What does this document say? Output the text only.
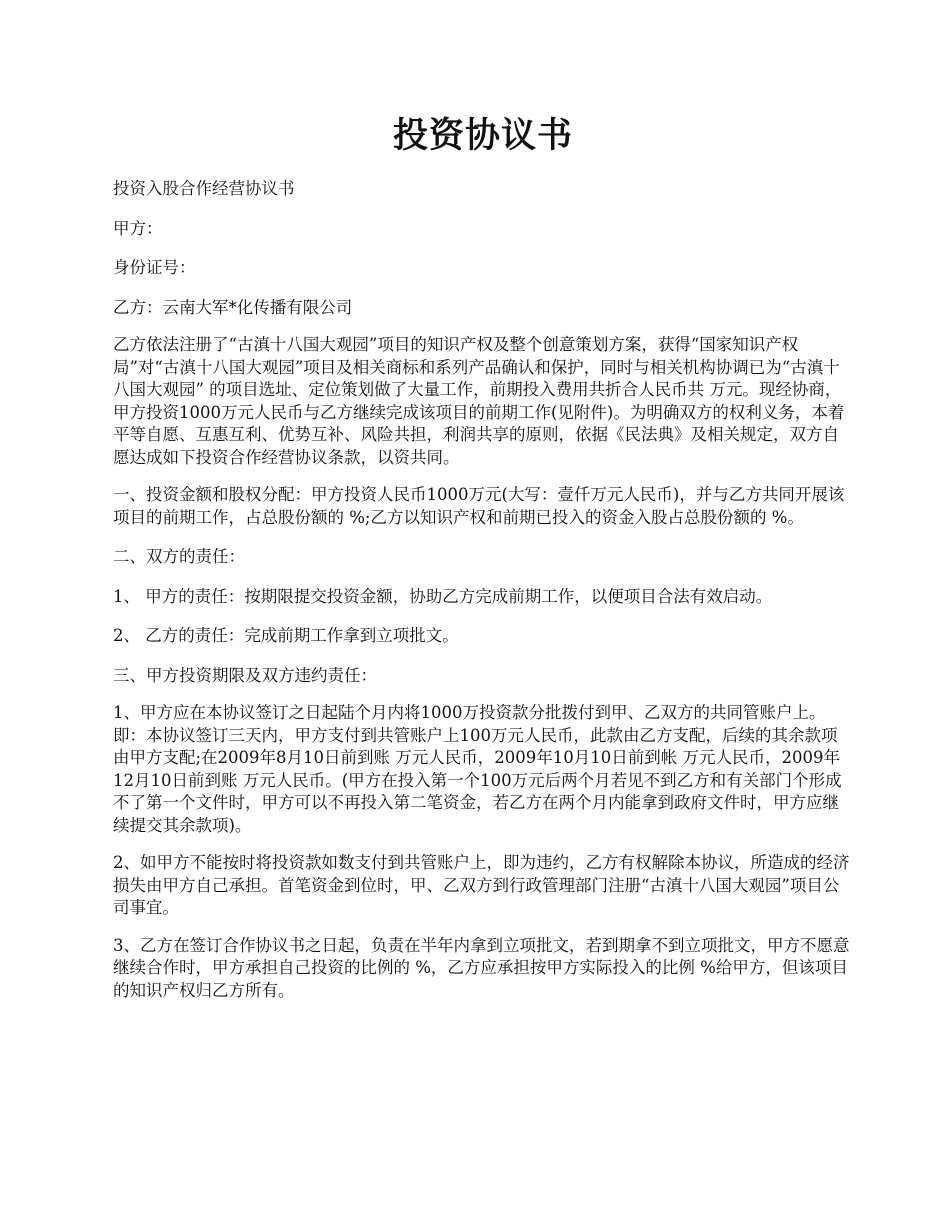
投资协议书

投资入股合作经营协议书

甲方：

身份证号：

乙方：云南大军*化传播有限公司

乙方依法注册了“古滇十八国大观园”项目的知识产权及整个创意策划方案，获得“国家知识产权局”对“古滇十八国大观园”项目及相关商标和系列产品确认和保护，同时与相关机构协调已为“古滇十八国大观园” 的项目选址、定位策划做了大量工作，前期投入费用共折合人民币共 万元。现经协商，甲方投资1000万元人民币与乙方继续完成该项目的前期工作(见附件)。为明确双方的权利义务，本着平等自愿、互惠互利、优势互补、风险共担，利润共享的原则，依据《民法典》及相关规定，双方自愿达成如下投资合作经营协议条款，以资共同。

一、投资金额和股权分配：甲方投资人民币1000万元(大写：壹仟万元人民币)，并与乙方共同开展该项目的前期工作，占总股份额的 %;乙方以知识产权和前期已投入的资金入股占总股份额的 %。

二、双方的责任：

1、 甲方的责任：按期限提交投资金额，协助乙方完成前期工作，以便项目合法有效启动。

2、 乙方的责任：完成前期工作拿到立项批文。

三、甲方投资期限及双方违约责任：

1、甲方应在本协议签订之日起陆个月内将1000万投资款分批拨付到甲、乙双方的共同管账户上。即：本协议签订三天内，甲方支付到共管账户上100万元人民币，此款由乙方支配，后续的其余款项由甲方支配;在2009年8月10日前到账 万元人民币，2009年10月10日前到帐 万元人民币，2009年12月10日前到账 万元人民币。(甲方在投入第一个100万元后两个月若见不到乙方和有关部门个形成不了第一个文件时，甲方可以不再投入第二笔资金，若乙方在两个月内能拿到政府文件时，甲方应继续提交其余款项)。

2、如甲方不能按时将投资款如数支付到共管账户上，即为违约，乙方有权解除本协议，所造成的经济损失由甲方自己承担。首笔资金到位时，甲、乙双方到行政管理部门注册“古滇十八国大观园”项目公司事宜。

3、乙方在签订合作协议书之日起，负责在半年内拿到立项批文，若到期拿不到立项批文，甲方不愿意继续合作时，甲方承担自己投资的比例的 %，乙方应承担按甲方实际投入的比例 %给甲方，但该项目的知识产权归乙方所有。
